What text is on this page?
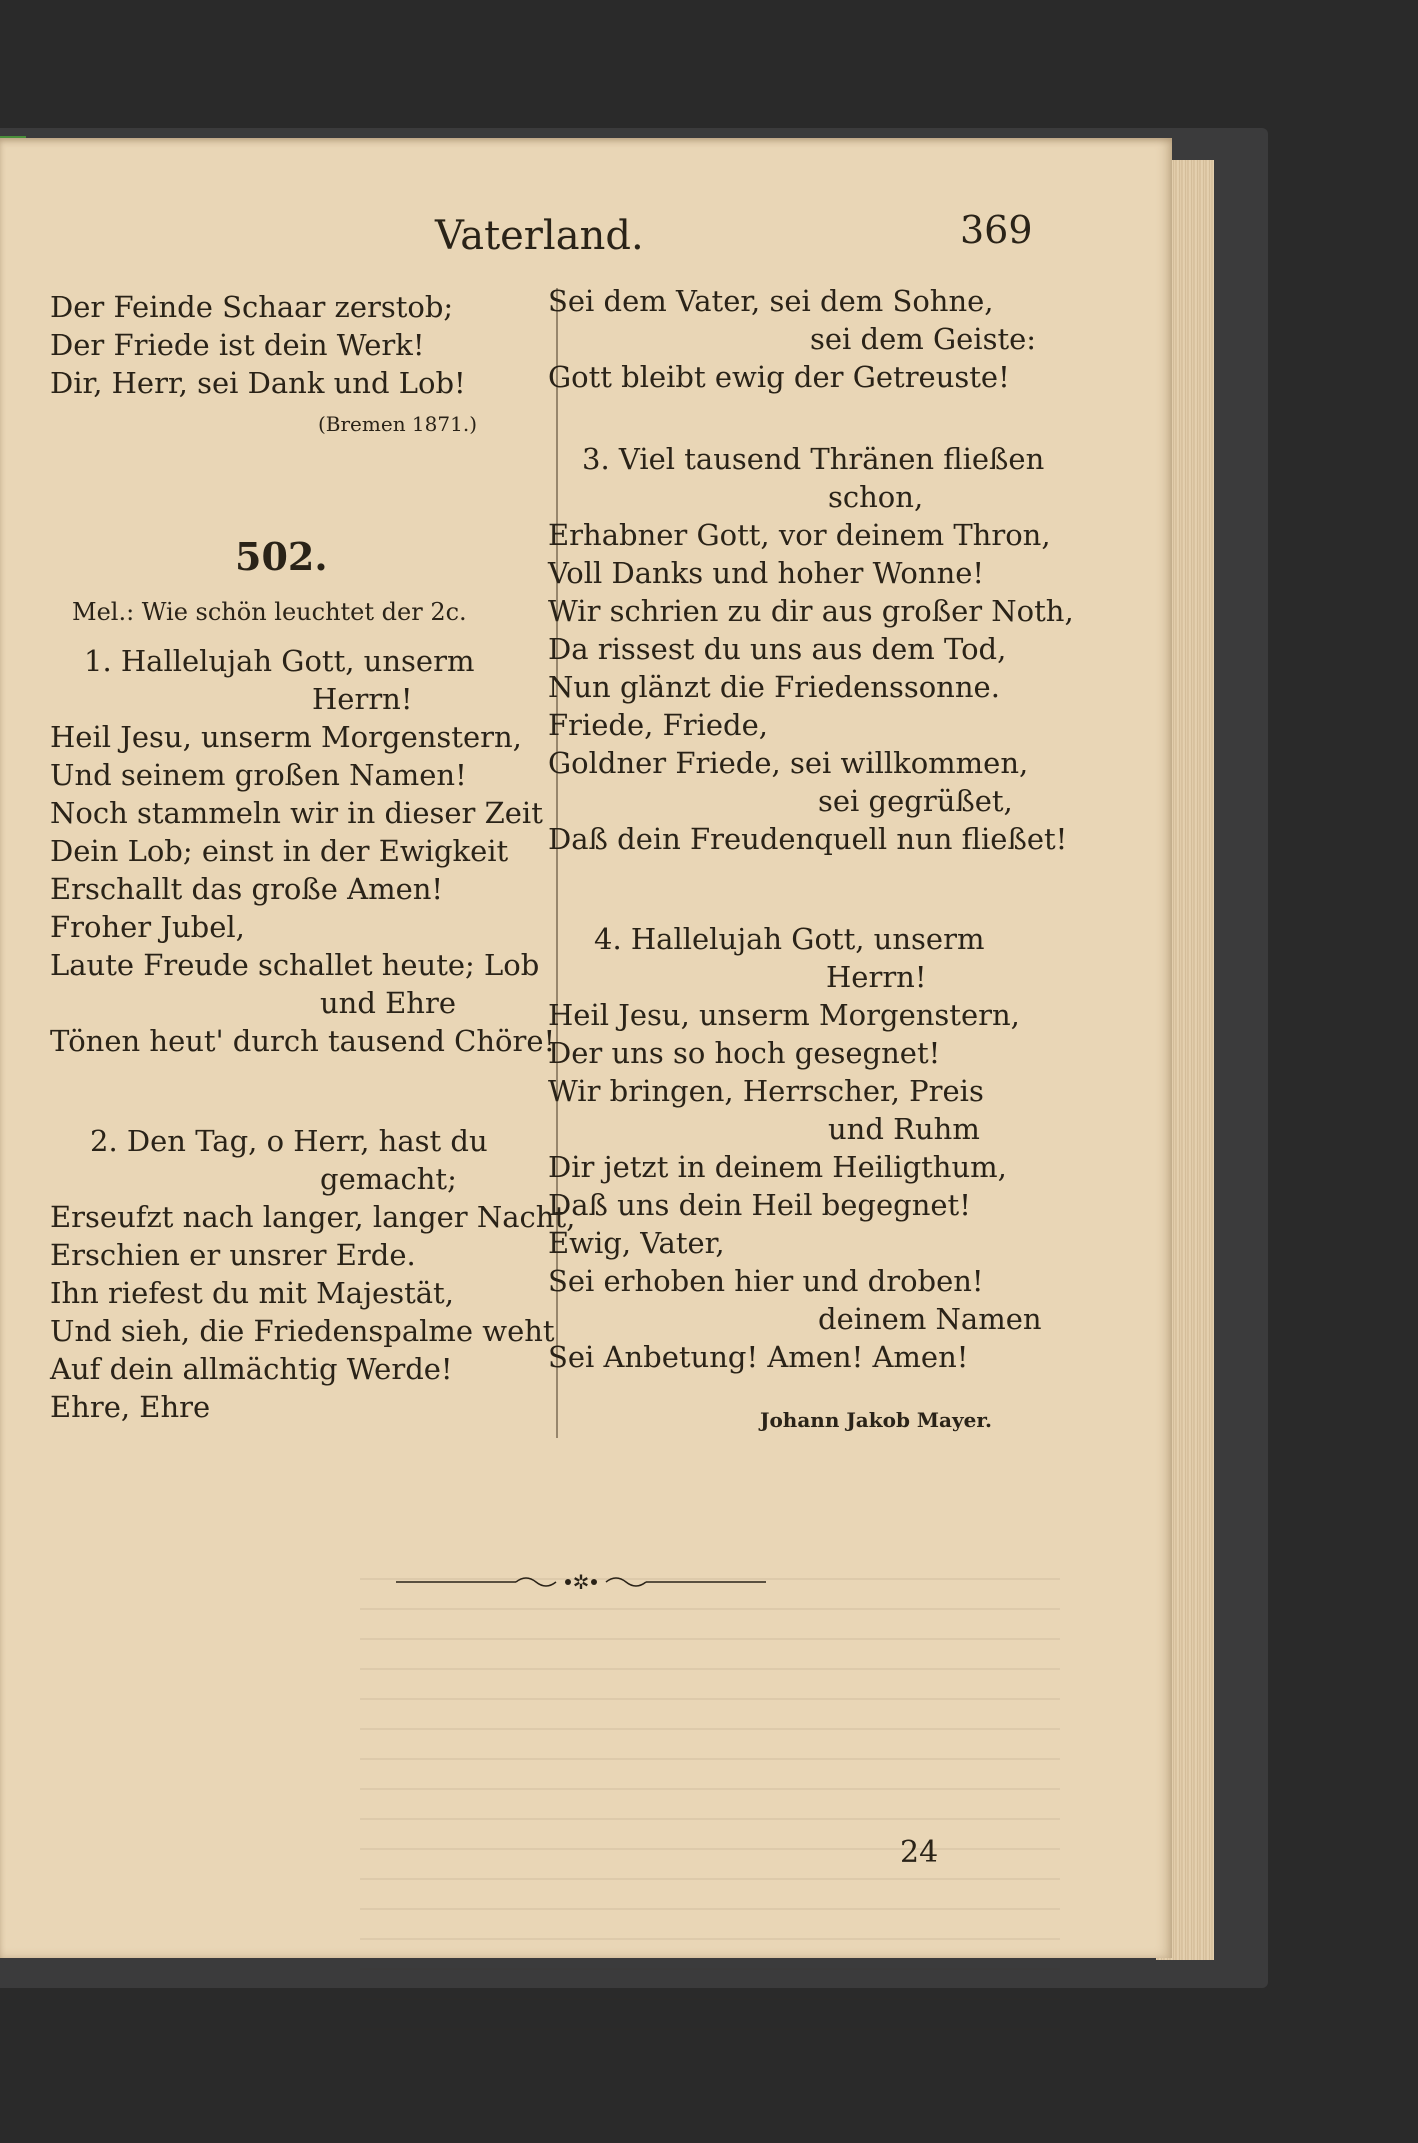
Vaterland.	369
Der Feinde Schaar zerstob;
Der Friede ist dein Werk!
Dir, Herr, sei Dank und Lob!
(Bremen 1871.)
502.
Mel.: Wie schön leuchtet der 2c.
1. Hallelujah Gott, unserm
Herrn!
Heil Jesu, unserm Morgenstern,
Und seinem großen Namen!
Noch stammeln wir in dieser Zeit
Dein Lob; einst in der Ewigkeit
Erschallt das große Amen!
Froher Jubel,
Laute Freude schallet heute; Lob
und Ehre
Tönen heut' durch tausend Chöre!
2. Den Tag, o Herr, hast du
gemacht;
Erseufzt nach langer, langer Nacht,
Erschien er unsrer Erde.
Ihn riefest du mit Majestät,
Und sieh, die Friedenspalme weht
Auf dein allmächtig Werde!
Ehre, Ehre
Sei dem Vater, sei dem Sohne,
sei dem Geiste:
Gott bleibt ewig der Getreuste!
3. Viel tausend Thränen fließen
schon,
Erhabner Gott, vor deinem Thron,
Voll Danks und hoher Wonne!
Wir schrien zu dir aus großer Noth,
Da rissest du uns aus dem Tod,
Nun glänzt die Friedenssonne.
Friede, Friede,
Goldner Friede, sei willkommen,
sei gegrüßet,
Daß dein Freudenquell nun fließet!
4. Hallelujah Gott, unserm
Herrn!
Heil Jesu, unserm Morgenstern,
Der uns so hoch gesegnet!
Wir bringen, Herrscher, Preis
und Ruhm
Dir jetzt in deinem Heiligthum,
Daß uns dein Heil begegnet!
Ewig, Vater,
Sei erhoben hier und droben!
deinem Namen
Sei Anbetung! Amen! Amen!
Johann Jakob Mayer.
✲
24
